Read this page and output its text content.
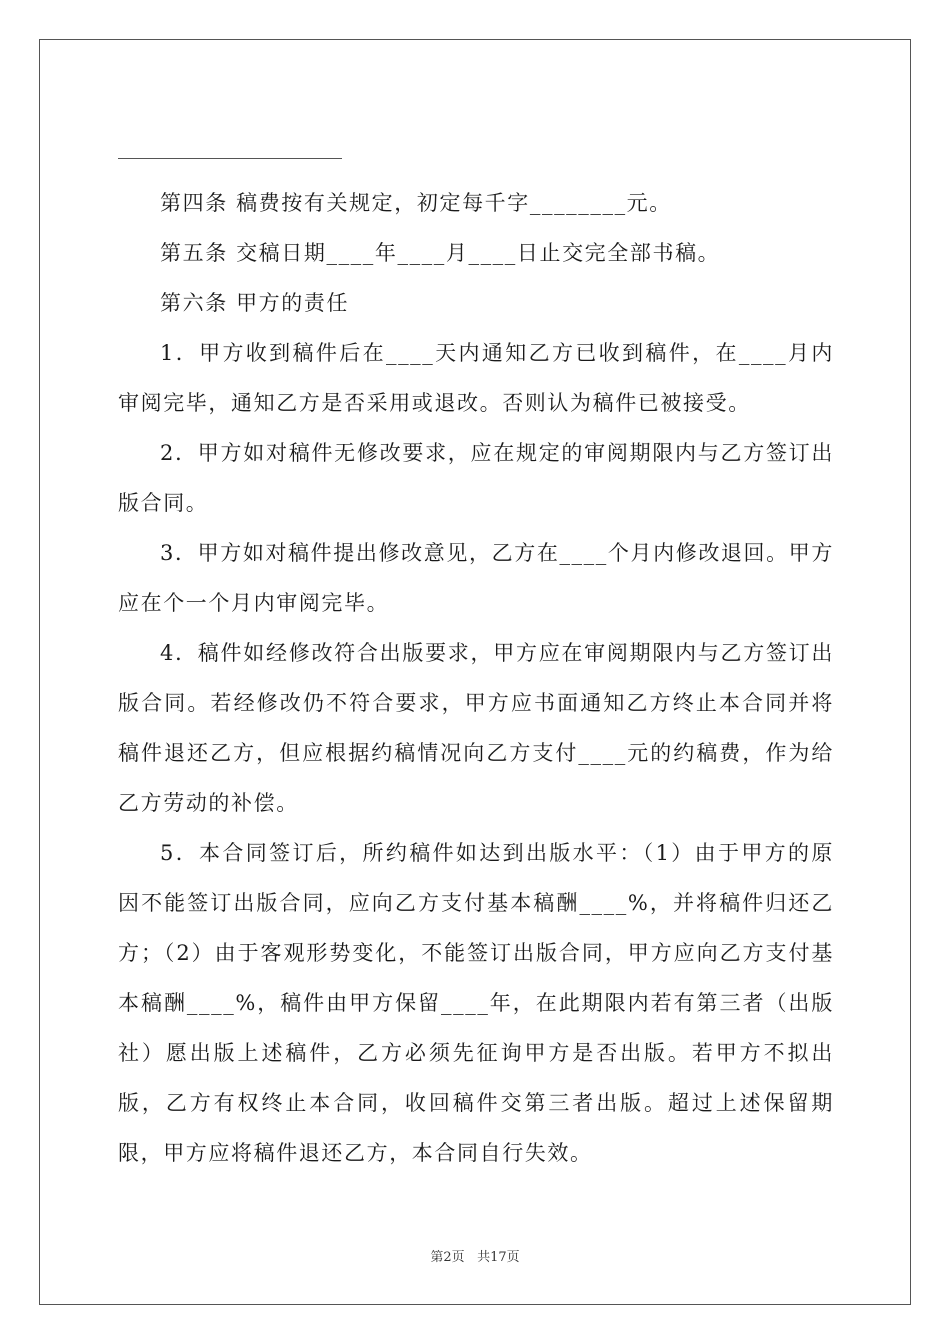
第四条 稿费按有关规定，初定每千字________元。

第五条 交稿日期____年____月____日止交完全部书稿。

第六条 甲方的责任

1．甲方收到稿件后在____天内通知乙方已收到稿件，在____月内审阅完毕，通知乙方是否采用或退改。否则认为稿件已被接受。

2．甲方如对稿件无修改要求，应在规定的审阅期限内与乙方签订出版合同。

3．甲方如对稿件提出修改意见，乙方在____个月内修改退回。甲方应在个一个月内审阅完毕。

4．稿件如经修改符合出版要求，甲方应在审阅期限内与乙方签订出版合同。若经修改仍不符合要求，甲方应书面通知乙方终止本合同并将稿件退还乙方，但应根据约稿情况向乙方支付____元的约稿费，作为给乙方劳动的补偿。

5．本合同签订后，所约稿件如达到出版水平：（1）由于甲方的原因不能签订出版合同，应向乙方支付基本稿酬____%，并将稿件归还乙方；（2）由于客观形势变化，不能签订出版合同，甲方应向乙方支付基本稿酬____%，稿件由甲方保留____年，在此期限内若有第三者（出版社）愿出版上述稿件，乙方必须先征询甲方是否出版。若甲方不拟出版，乙方有权终止本合同，收回稿件交第三者出版。超过上述保留期限，甲方应将稿件退还乙方，本合同自行失效。

第2页 共17页
